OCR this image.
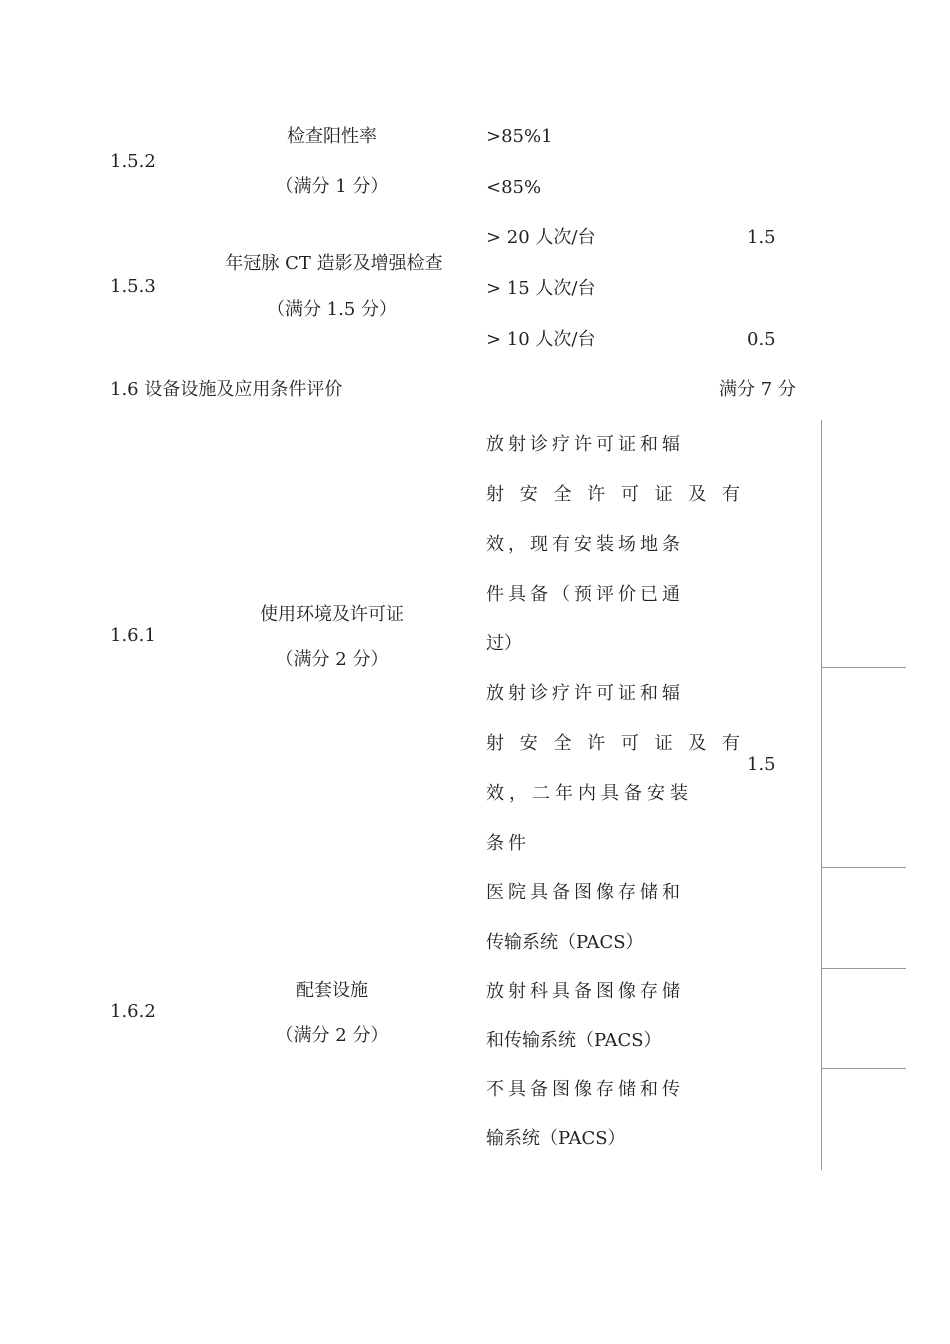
1.5.2
检查阳性率
（满分 1 分）
>85%1
<85%
1.5.3
年冠脉 CT 造影及增强检查
（满分 1.5 分）
> 20 人次/台
> 15 人次/台
> 10 人次/台
1.5
0.5
1.6 设备设施及应用条件评价	满分 7 分
1.6.1
使用环境及许可证
（满分 2 分）
放射诊疗许可证和辐
射 安 全 许 可 证 及 有
效，现有安装场地条
件具备（预评价已通
过）
放射诊疗许可证和辐
射 安 全 许 可 证 及 有
效，二年内具备安装
条件
1.5
1.6.2
配套设施
（满分 2 分）
医院具备图像存储和
传输系统（PACS）
放射科具备图像存储
和传输系统（PACS）
不具备图像存储和传
输系统（PACS）
